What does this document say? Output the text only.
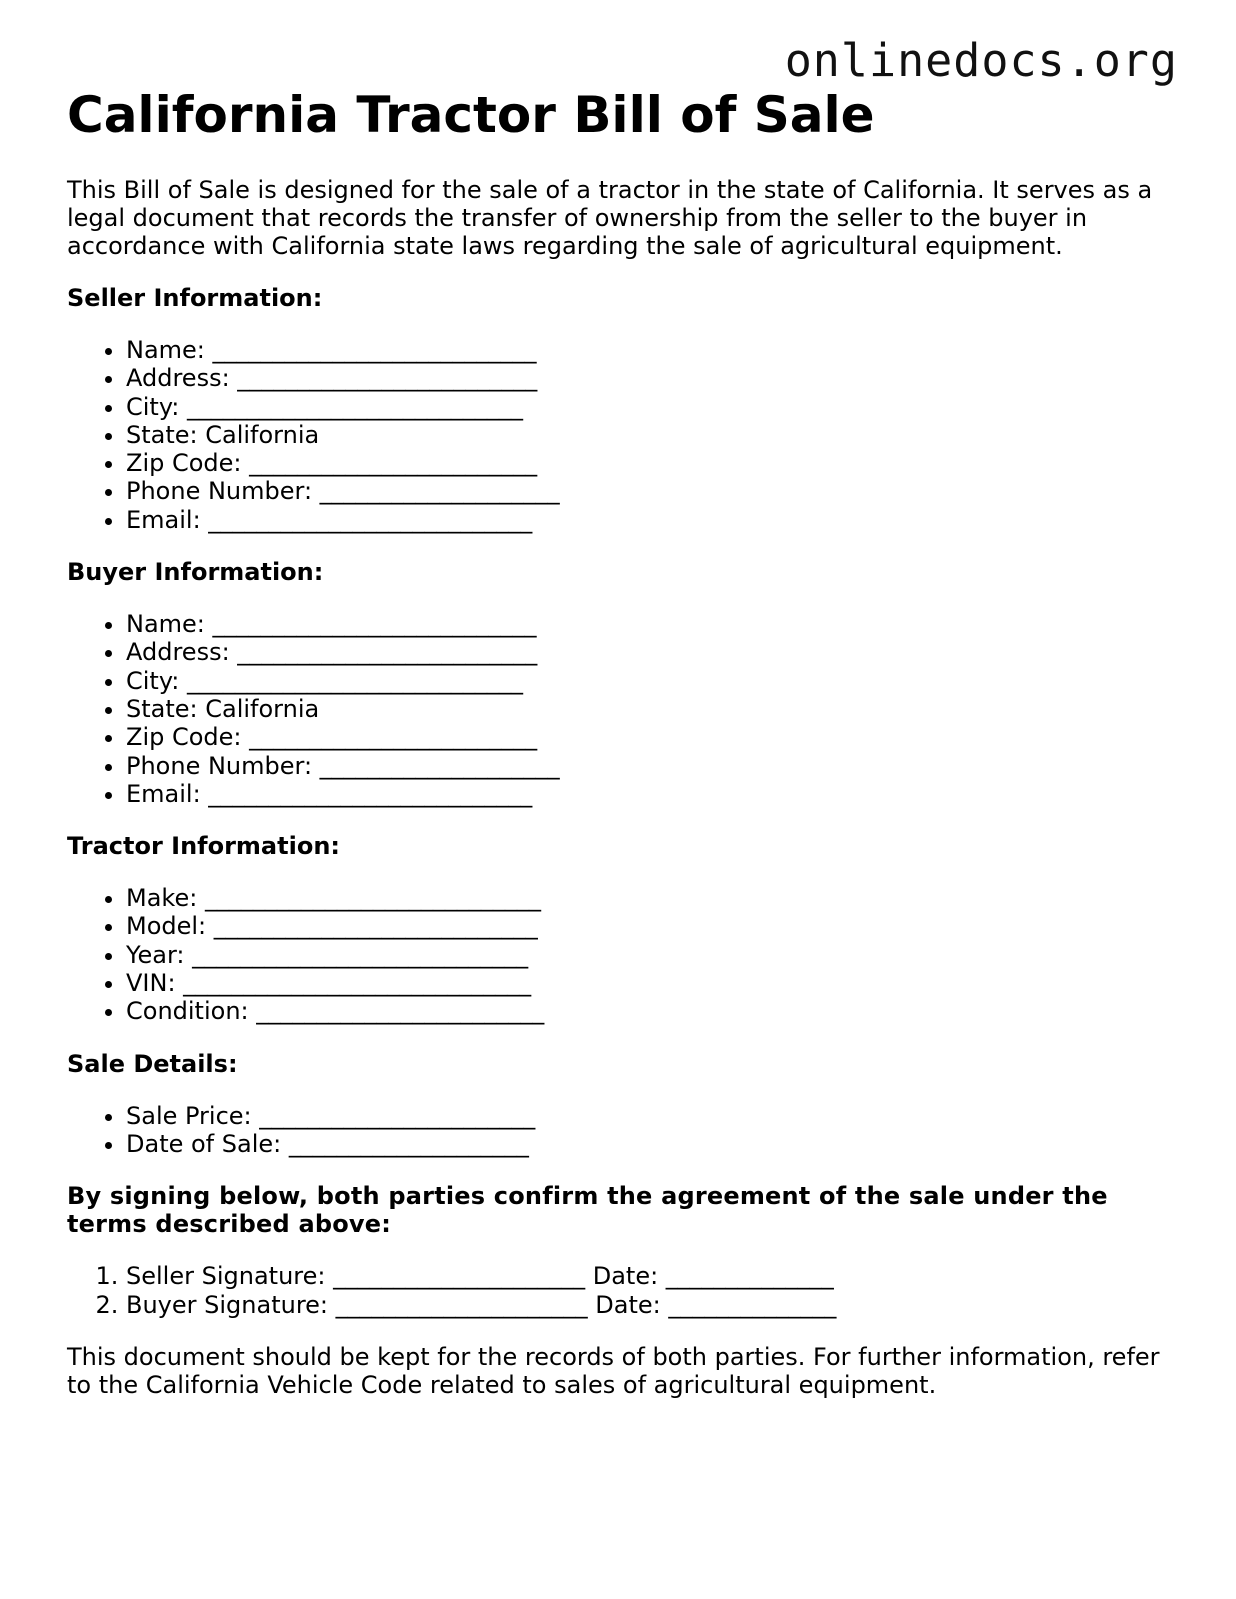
onlinedocs.org
California Tractor Bill of Sale

This Bill of Sale is designed for the sale of a tractor in the state of California. It serves as a legal document that records the transfer of ownership from the seller to the buyer in accordance with California state laws regarding the sale of agricultural equipment.

Seller Information:
• Name: ___________________________
• Address: _________________________
• City: ____________________________
• State: California
• Zip Code: ________________________
• Phone Number: ____________________
• Email: ___________________________
Buyer Information:
• Name: ___________________________
• Address: _________________________
• City: ____________________________
• State: California
• Zip Code: ________________________
• Phone Number: ____________________
• Email: ___________________________
Tractor Information:
• Make: ____________________________
• Model: ___________________________
• Year: ____________________________
• VIN: _____________________________
• Condition: ________________________
Sale Details:
• Sale Price: _______________________
• Date of Sale: ____________________
By signing below, both parties confirm the agreement of the sale under the terms described above:
1. Seller Signature: _____________________ Date: ______________
2. Buyer Signature: _____________________ Date: ______________

This document should be kept for the records of both parties. For further information, refer to the California Vehicle Code related to sales of agricultural equipment.
